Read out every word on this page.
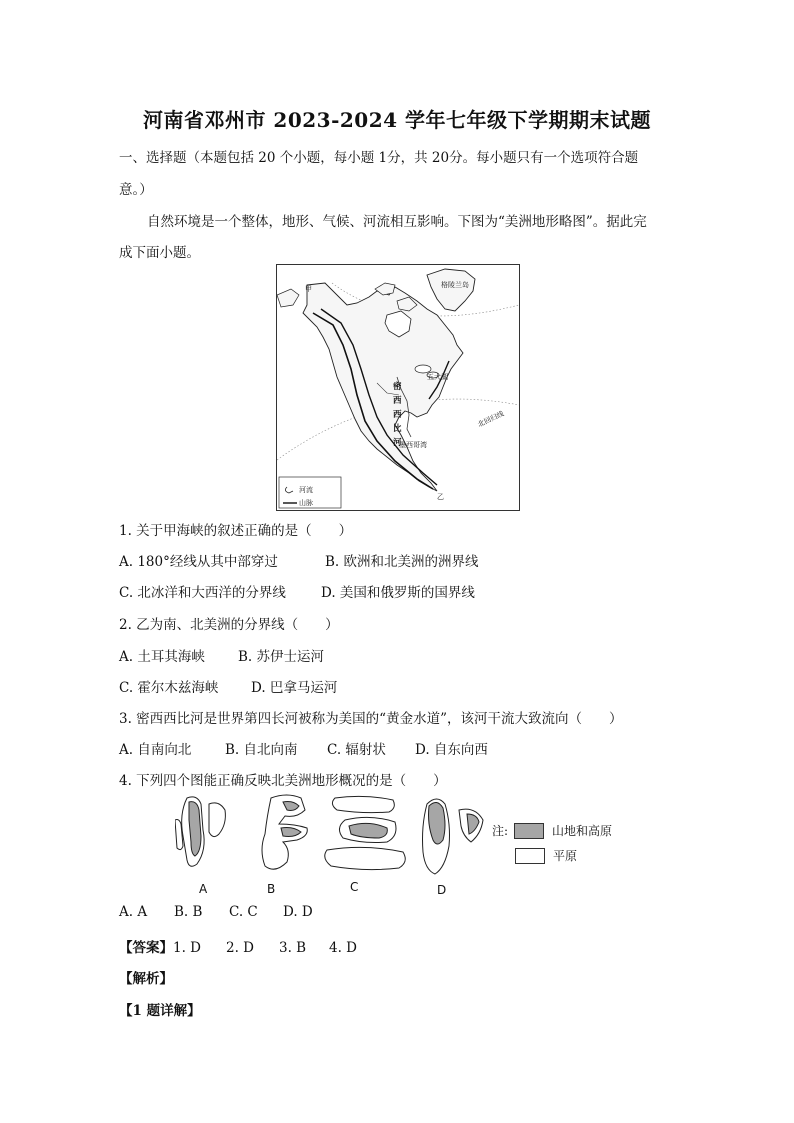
河南省邓州市 2023-2024 学年七年级下学期期末试题
一、选择题（本题包括 20 个小题，每小题 1分，共 20分。每小题只有一个选项符合题
意。）
自然环境是一个整体，地形、气候、河流相互影响。下图为“美洲地形略图”。据此完
成下面小题。
甲	格陵兰岛
五大湖
密
西
西
比
河
墨西哥湾
北回归线
乙
河流
山脉
1. 关于甲海峡的叙述正确的是（　　）
A. 180°经线从其中部穿过	B. 欧洲和北美洲的洲界线
C. 北冰洋和大西洋的分界线	D. 美国和俄罗斯的国界线
2. 乙为南、北美洲的分界线（　　）
A. 土耳其海峡 B. 苏伊士运河
C. 霍尔木兹海峡 D. 巴拿马运河
3. 密西西比河是世界第四长河被称为美国的“黄金水道”，该河干流大致流向（　　）
A. 自南向北 B. 自北向南 C. 辐射状 D. 自东向西
4. 下列四个图能正确反映北美洲地形概况的是（　　）
A	B	C	D
注:	山地和高原
平原
A. A B. B C. C D. D
【答案】1. D 2. D 3. B 4. D
【解析】
【1 题详解】
